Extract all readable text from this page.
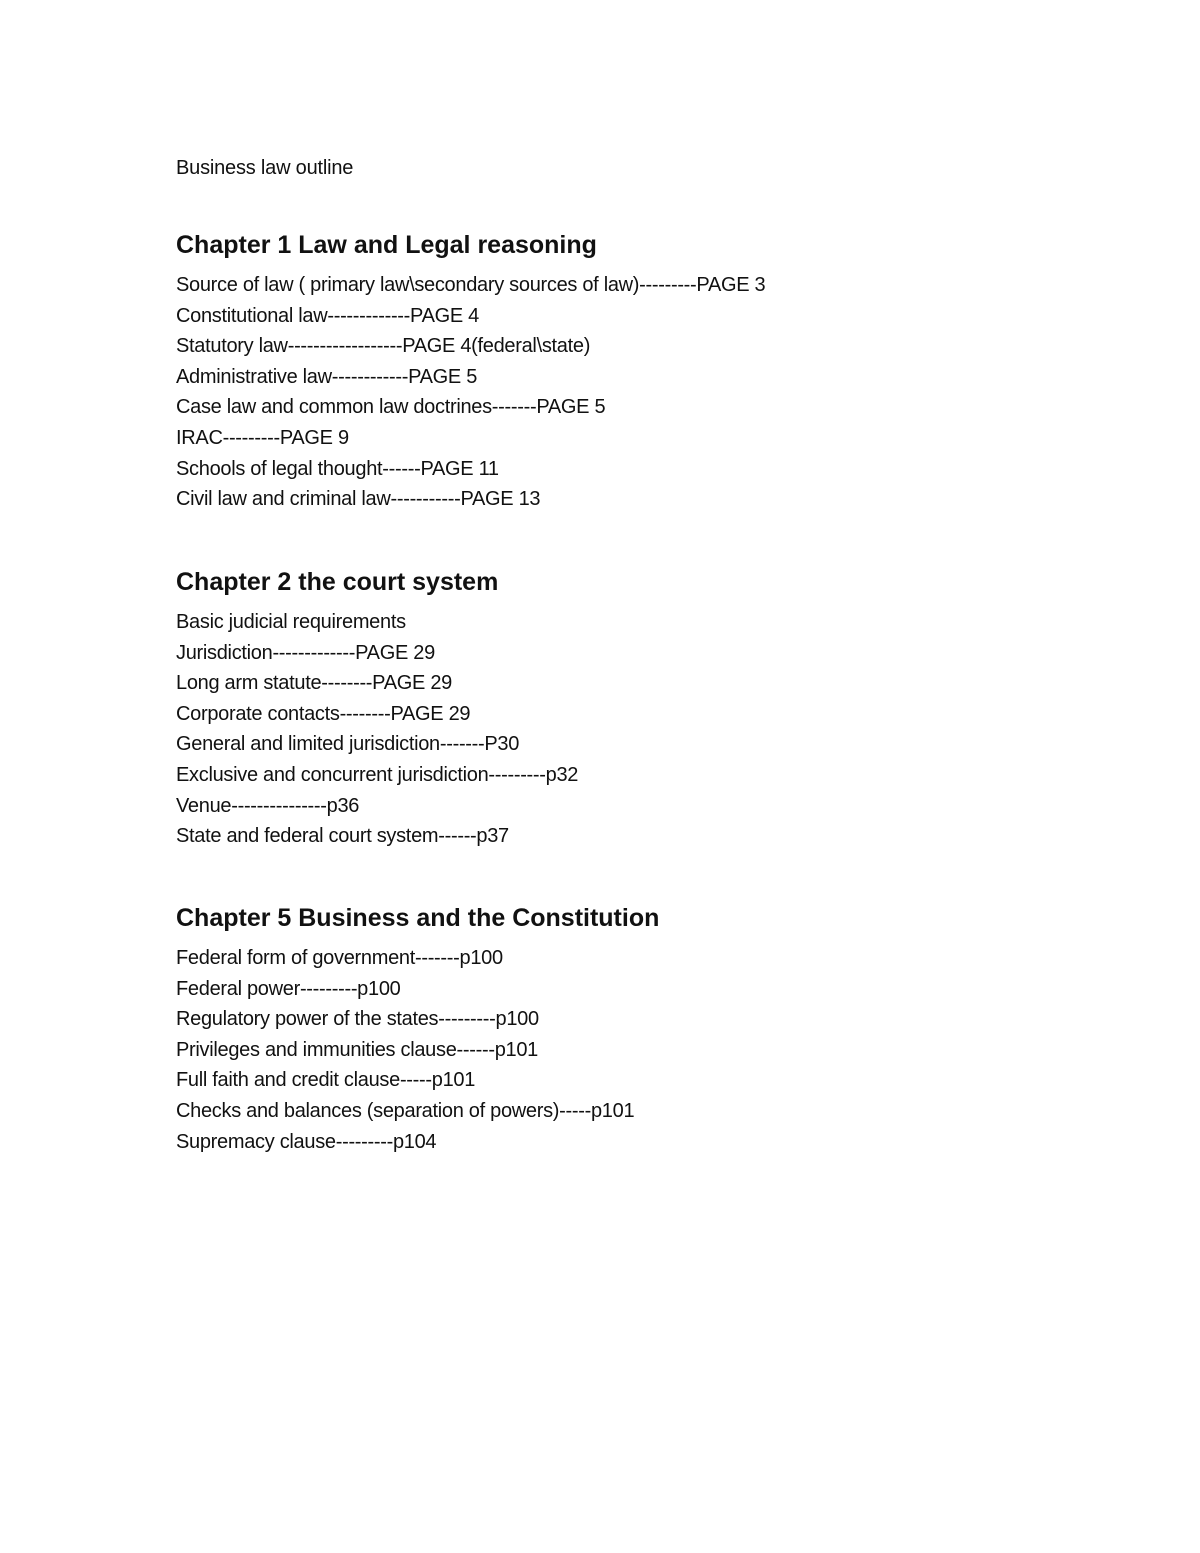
Business law outline

Chapter 1 Law and Legal reasoning
Source of law ( primary law\secondary sources of law)---------PAGE 3
Constitutional law-------------PAGE 4
Statutory law------------------PAGE 4(federal\state)
Administrative law------------PAGE 5
Case law and common law doctrines-------PAGE 5
IRAC---------PAGE 9
Schools of legal thought------PAGE 11
Civil law and criminal law-----------PAGE 13
Chapter 2 the court system
Basic judicial requirements
Jurisdiction-------------PAGE 29
Long arm statute--------PAGE 29
Corporate contacts--------PAGE 29
General and limited jurisdiction-------P30
Exclusive and concurrent jurisdiction---------p32
Venue---------------p36
State and federal court system------p37
Chapter 5 Business and the Constitution
Federal form of government-------p100
Federal power---------p100
Regulatory power of the states---------p100
Privileges and immunities clause------p101
Full faith and credit clause-----p101
Checks and balances (separation of powers)-----p101
Supremacy clause---------p104
